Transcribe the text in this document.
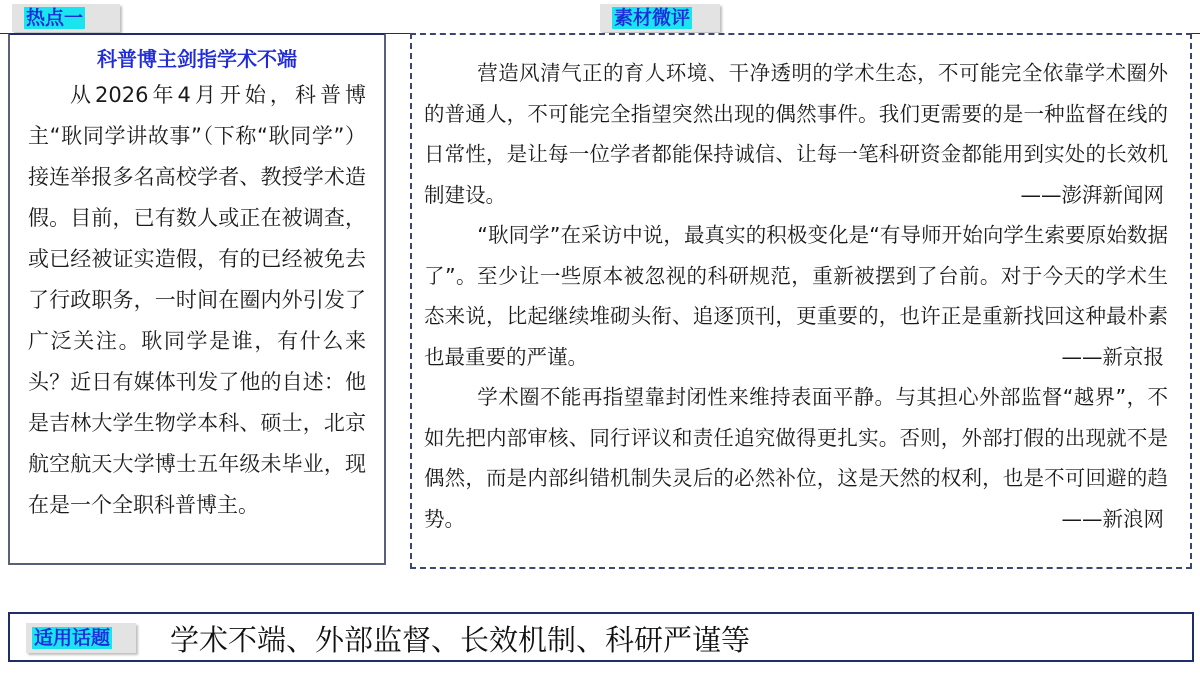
热点一	素材微评
科普博主剑指学术不端
从2026年4月开始，科普博主“耿同学讲故事”（下称“耿同学”）接连举报多名高校学者、教授学术造假。目前，已有数人或正在被调查，或已经被证实造假，有的已经被免去了行政职务，一时间在圈内外引发了广泛关注。耿同学是谁，有什么来头？近日有媒体刊发了他的自述：他是吉林大学生物学本科、硕士，北京航空航天大学博士五年级未毕业，现在是一个全职科普博主。
营造风清气正的育人环境、干净透明的学术生态，不可能完全依靠学术圈外的普通人，不可能完全指望突然出现的偶然事件。我们更需要的是一种监督在线的日常性，是让每一位学者都能保持诚信、让每一笔科研资金都能用到实处的长效机制建设。	——澎湃新闻网
“耿同学”在采访中说，最真实的积极变化是“有导师开始向学生索要原始数据了”。至少让一些原本被忽视的科研规范，重新被摆到了台前。对于今天的学术生态来说，比起继续堆砌头衔、追逐顶刊，更重要的，也许正是重新找回这种最朴素也最重要的严谨。	——新京报
学术圈不能再指望靠封闭性来维持表面平静。与其担心外部监督“越界”，不如先把内部审核、同行评议和责任追究做得更扎实。否则，外部打假的出现就不是偶然，而是内部纠错机制失灵后的必然补位，这是天然的权利，也是不可回避的趋势。	——新浪网
适用话题	学术不端、外部监督、长效机制、科研严谨等
